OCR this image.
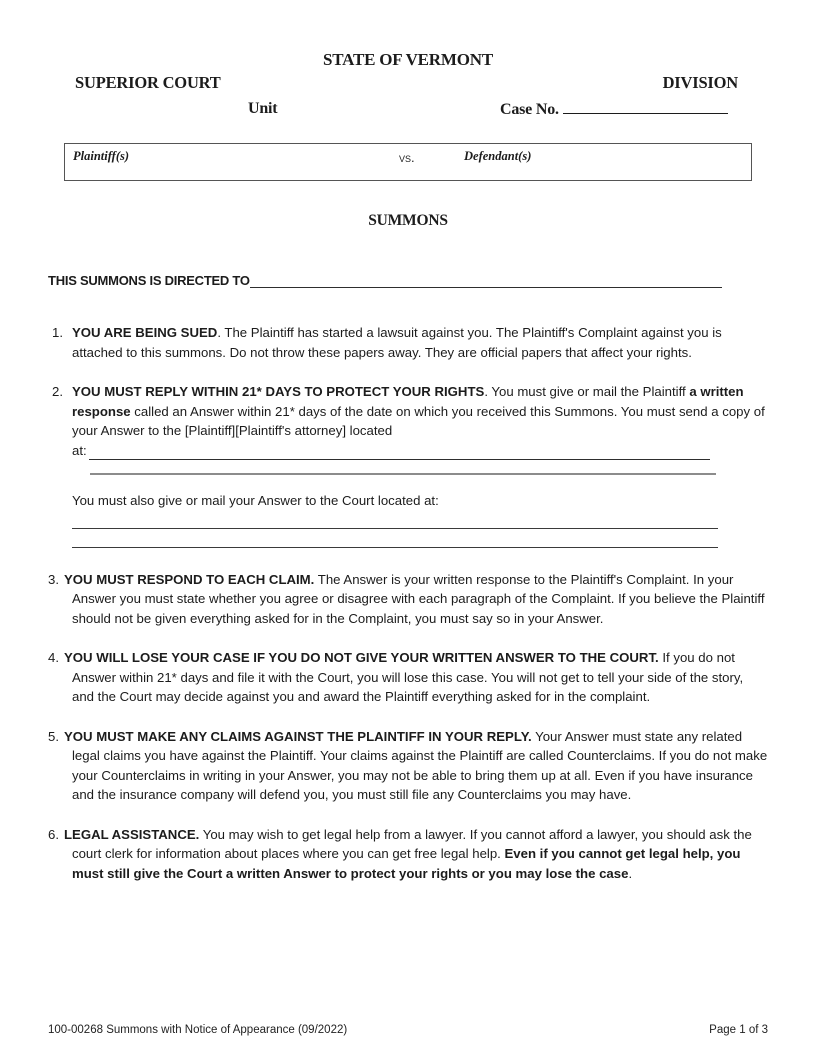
STATE OF VERMONT
SUPERIOR COURT	DIVISION
Unit	Case No.
Plaintiff(s)	vs.	Defendant(s)
SUMMONS
THIS SUMMONS IS DIRECTED TO
1. YOU ARE BEING SUED. The Plaintiff has started a lawsuit against you. The Plaintiff's Complaint against you is attached to this summons. Do not throw these papers away. They are official papers that affect your rights.
2. YOU MUST REPLY WITHIN 21* DAYS TO PROTECT YOUR RIGHTS. You must give or mail the Plaintiff a written response called an Answer within 21* days of the date on which you received this Summons. You must send a copy of your Answer to the [Plaintiff][Plaintiff's attorney] located
at:
You must also give or mail your Answer to the Court located at:
3. YOU MUST RESPOND TO EACH CLAIM. The Answer is your written response to the Plaintiff's Complaint. In your Answer you must state whether you agree or disagree with each paragraph of the Complaint. If you believe the Plaintiff should not be given everything asked for in the Complaint, you must say so in your Answer.
4. YOU WILL LOSE YOUR CASE IF YOU DO NOT GIVE YOUR WRITTEN ANSWER TO THE COURT. If you do not Answer within 21* days and file it with the Court, you will lose this case. You will not get to tell your side of the story, and the Court may decide against you and award the Plaintiff everything asked for in the complaint.
5. YOU MUST MAKE ANY CLAIMS AGAINST THE PLAINTIFF IN YOUR REPLY. Your Answer must state any related legal claims you have against the Plaintiff. Your claims against the Plaintiff are called Counterclaims. If you do not make your Counterclaims in writing in your Answer, you may not be able to bring them up at all. Even if you have insurance and the insurance company will defend you, you must still file any Counterclaims you may have.
6. LEGAL ASSISTANCE. You may wish to get legal help from a lawyer. If you cannot afford a lawyer, you should ask the court clerk for information about places where you can get free legal help. Even if you cannot get legal help, you must still give the Court a written Answer to protect your rights or you may lose the case.
100-00268 Summons with Notice of Appearance (09/2022)	Page 1 of 3
